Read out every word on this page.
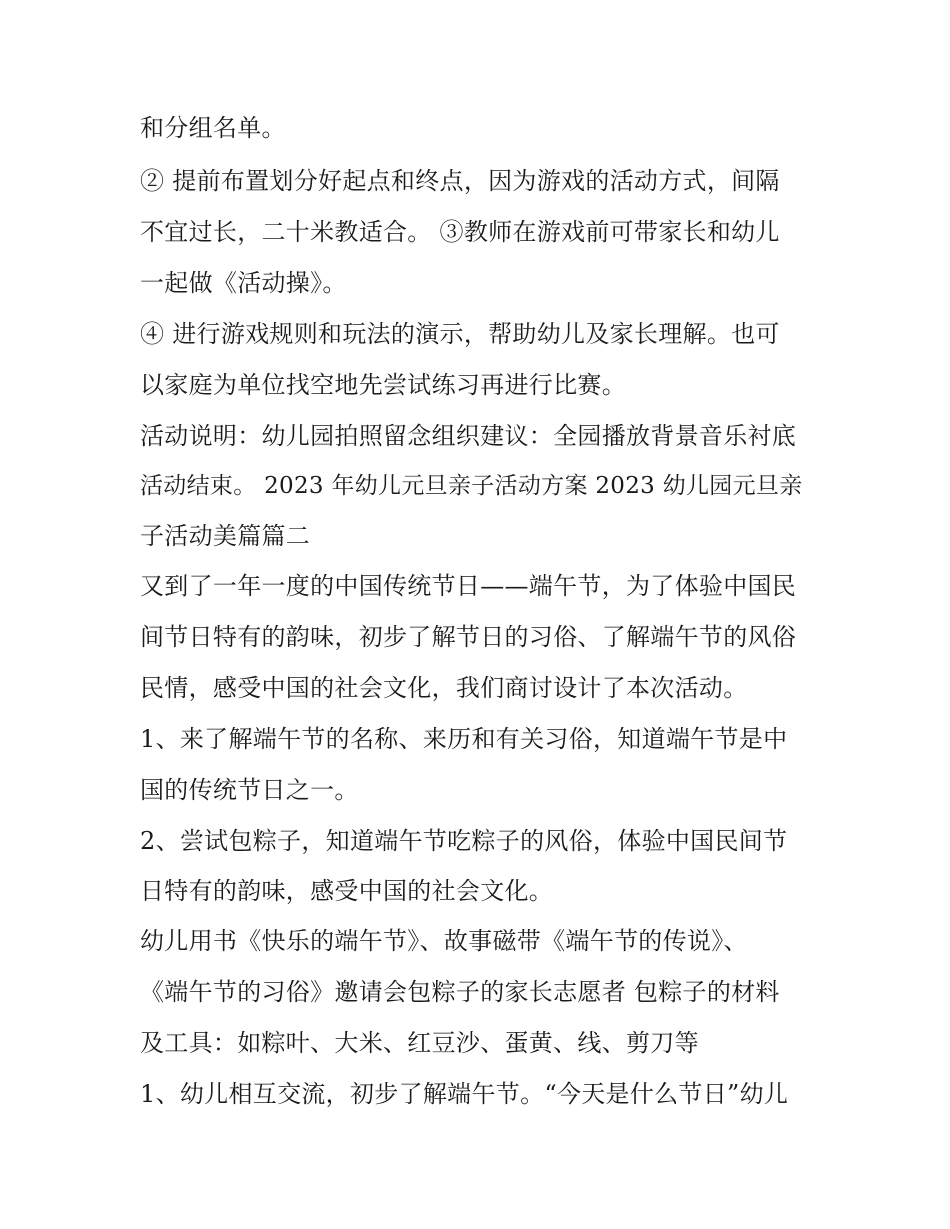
和分组名单。
② 提前布置划分好起点和终点，因为游戏的活动方式，间隔
不宜过长，二十米教适合。 ③教师在游戏前可带家长和幼儿
一起做《活动操》。
④ 进行游戏规则和玩法的演示，帮助幼儿及家长理解。也可
以家庭为单位找空地先尝试练习再进行比赛。
活动说明：幼儿园拍照留念组织建议：全园播放背景音乐衬底
活动结束。 2023 年幼儿元旦亲子活动方案 2023 幼儿园元旦亲
子活动美篇篇二
又到了一年一度的中国传统节日——端午节，为了体验中国民
间节日特有的韵味，初步了解节日的习俗、了解端午节的风俗
民情，感受中国的社会文化，我们商讨设计了本次活动。
1、来了解端午节的名称、来历和有关习俗，知道端午节是中
国的传统节日之一。
2、尝试包粽子，知道端午节吃粽子的风俗，体验中国民间节
日特有的韵味，感受中国的社会文化。
幼儿用书《快乐的端午节》、故事磁带《端午节的传说》、
《端午节的习俗》邀请会包粽子的家长志愿者 包粽子的材料
及工具：如粽叶、大米、红豆沙、蛋黄、线、剪刀等
1、幼儿相互交流，初步了解端午节。“今天是什么节日”幼儿
